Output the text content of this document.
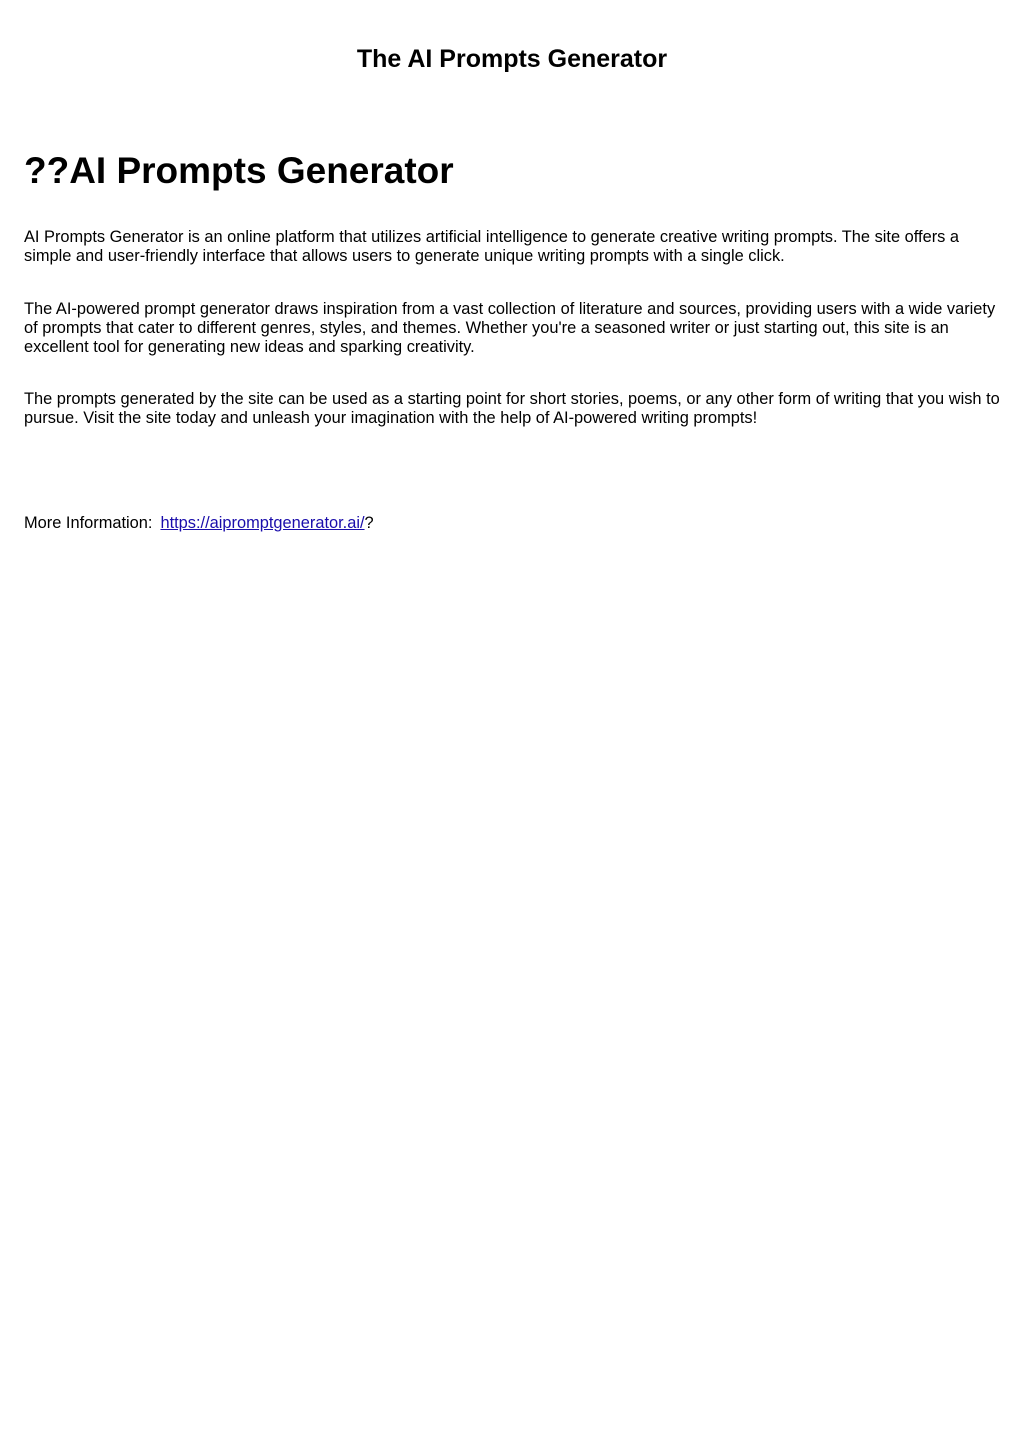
The AI Prompts Generator
??AI Prompts Generator

AI Prompts Generator is an online platform that utilizes artificial intelligence to generate creative writing prompts. The site offers a simple and user-friendly interface that allows users to generate unique writing prompts with a single click.

The AI-powered prompt generator draws inspiration from a vast collection of literature and sources, providing users with a wide variety of prompts that cater to different genres, styles, and themes. Whether you're a seasoned writer or just starting out, this site is an excellent tool for generating new ideas and sparking creativity.

The prompts generated by the site can be used as a starting point for short stories, poems, or any other form of writing that you wish to pursue. Visit the site today and unleash your imagination with the help of AI-powered writing prompts!

More Information: https://aipromptgenerator.ai/?
